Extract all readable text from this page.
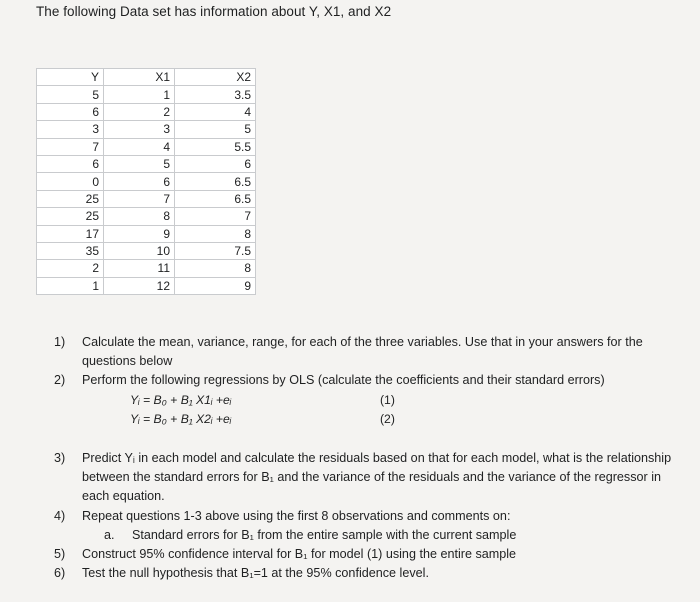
The following Data set has information about Y, X1, and X2
Y	X1	X2
5	1	3.5
6	2	4
3	3	5
7	4	5.5
6	5	6
0	6	6.5
25	7	6.5
25	8	7
17	9	8
35	10	7.5
2	11	8
1	12	9
1)	Calculate the mean, variance, range, for each of the three variables. Use that in your answers for the questions below
2)	Perform the following regressions by OLS (calculate the coefficients and their standard errors)
Yᵢ = B₀ + B₁ X1ᵢ +eᵢ	(1)
Yᵢ = B₀ + B₁ X2ᵢ +eᵢ	(2)
3)	Predict Yᵢ in each model and calculate the residuals based on that for each model, what is the relationship between the standard errors for B₁ and the variance of the residuals and the variance of the regressor in each equation.
4)	Repeat questions 1-3 above using the first 8 observations and comments on:
a.	Standard errors for B₁ from the entire sample with the current sample
5)	Construct 95% confidence interval for B₁ for model (1) using the entire sample
6)	Test the null hypothesis that B₁=1 at the 95% confidence level.
